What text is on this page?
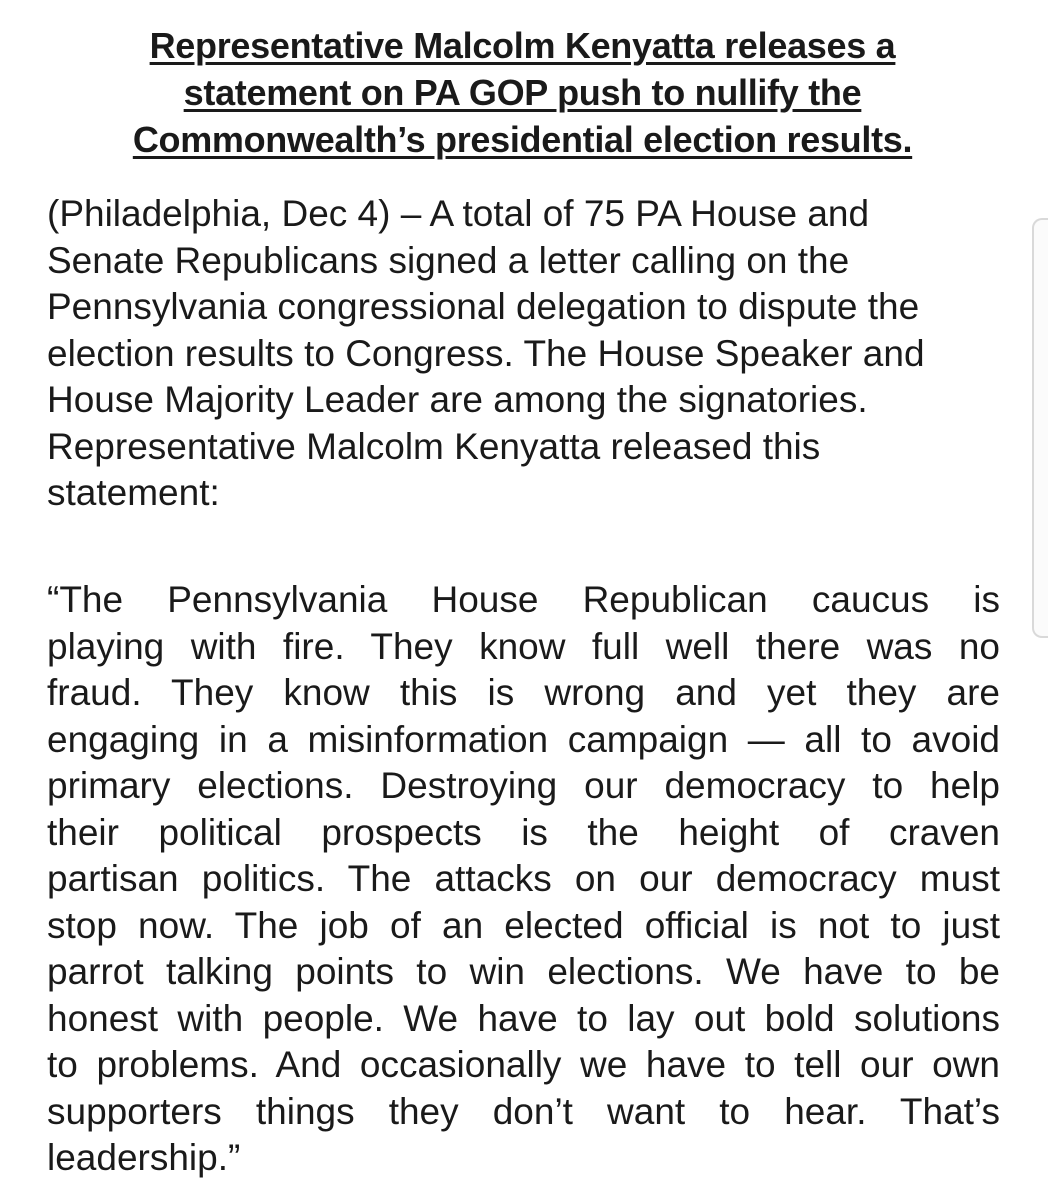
Representative Malcolm Kenyatta releases a
statement on PA GOP push to nullify the
Commonwealth’s presidential election results.

(Philadelphia, Dec 4) – A total of 75 PA House and
Senate Republicans signed a letter calling on the
Pennsylvania congressional delegation to dispute the
election results to Congress. The House Speaker and
House Majority Leader are among the signatories.
Representative Malcolm Kenyatta released this
statement:

“The Pennsylvania House Republican caucus is
playing with fire. They know full well there was no
fraud. They know this is wrong and yet they are
engaging in a misinformation campaign — all to avoid
primary elections. Destroying our democracy to help
their political prospects is the height of craven
partisan politics. The attacks on our democracy must
stop now. The job of an elected official is not to just
parrot talking points to win elections. We have to be
honest with people. We have to lay out bold solutions
to problems. And occasionally we have to tell our own
supporters things they don’t want to hear. That’s
leadership.”
